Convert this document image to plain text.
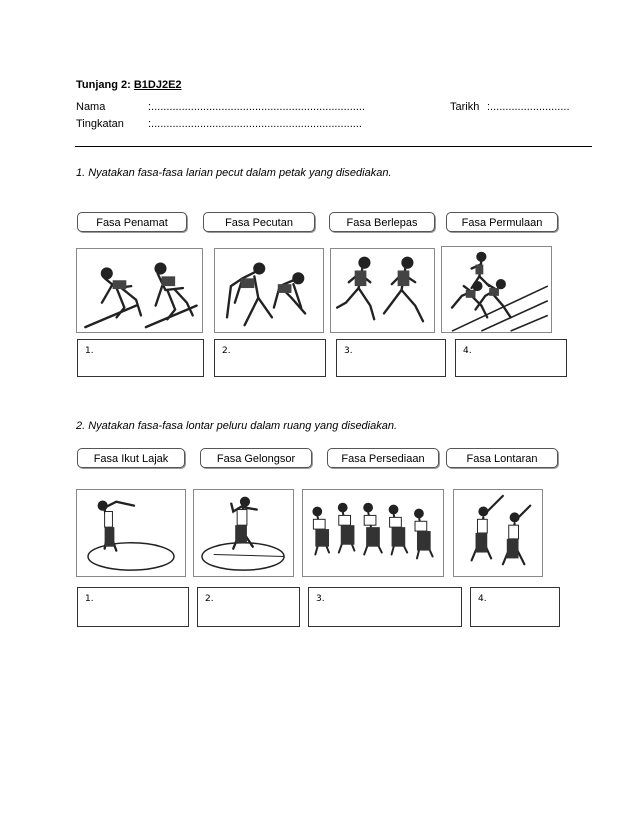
Tunjang 2: B1DJ2E2
Nama	:......................................................................	Tarikh :..........................
Tingkatan :.....................................................................
1. Nyatakan fasa-fasa larian pecut dalam petak yang disediakan.
Fasa Penamat	Fasa Pecutan	Fasa Berlepas	Fasa Permulaan
1.	2.	3.	4.
2. Nyatakan fasa-fasa lontar peluru dalam ruang yang disediakan.
Fasa Ikut Lajak	Fasa Gelongsor	Fasa Persediaan	Fasa Lontaran
1.	2.	3.	4.
